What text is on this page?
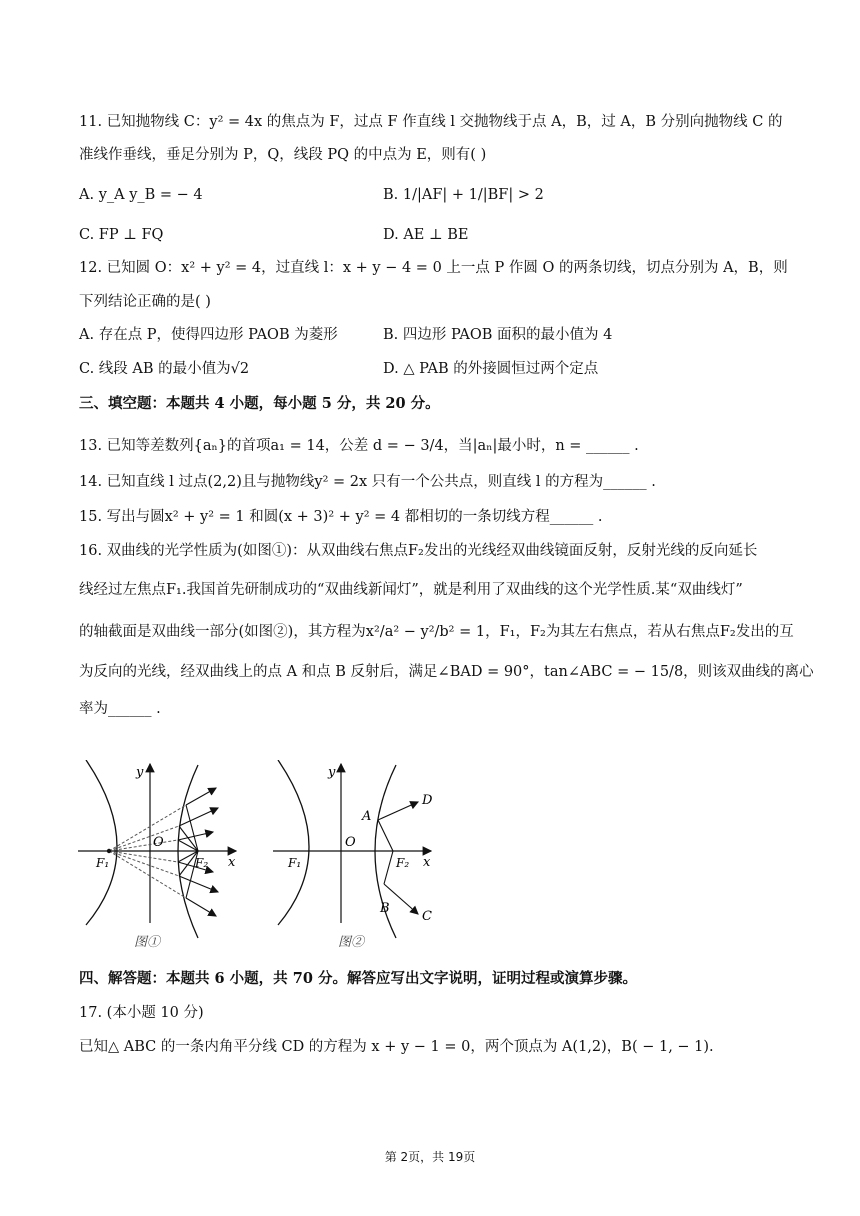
11. 已知抛物线 C：y² = 4x 的焦点为 F，过点 F 作直线 l 交抛物线于点 A，B，过 A，B 分别向抛物线 C 的
准线作垂线，垂足分别为 P，Q，线段 PQ 的中点为 E，则有( )
A. y_A y_B = − 4	B. 1/|AF| + 1/|BF| > 2
C. FP ⊥ FQ	D. AE ⊥ BE
12. 已知圆 O：x² + y² = 4，过直线 l：x + y − 4 = 0 上一点 P 作圆 O 的两条切线，切点分别为 A，B，则
下列结论正确的是( )
A. 存在点 P，使得四边形 PAOB 为菱形	B. 四边形 PAOB 面积的最小值为 4
C. 线段 AB 的最小值为√2	D. △ PAB 的外接圆恒过两个定点
三、填空题：本题共 4 小题，每小题 5 分，共 20 分。
13. 已知等差数列{aₙ}的首项a₁ = 14，公差 d = − 3/4，当|aₙ|最小时，n = ______ .
14. 已知直线 l 过点(2,2)且与抛物线y² = 2x 只有一个公共点，则直线 l 的方程为______ .
15. 写出与圆x² + y² = 1 和圆(x + 3)² + y² = 4 都相切的一条切线方程______ .
16. 双曲线的光学性质为(如图①)：从双曲线右焦点F₂发出的光线经双曲线镜面反射，反射光线的反向延长
线经过左焦点F₁.我国首先研制成功的“双曲线新闻灯”，就是利用了双曲线的这个光学性质.某“双曲线灯”
的轴截面是双曲线一部分(如图②)，其方程为x²/a² − y²/b² = 1，F₁，F₂为其左右焦点，若从右焦点F₂发出的互
为反向的光线，经双曲线上的点 A 和点 B 反射后，满足∠BAD = 90°，tan∠ABC = − 15/8，则该双曲线的离心
率为______ .
y
O
F₁	F₂ x
图①
y
O
F₁	F₂ x
A
B
C
D
图②
四、解答题：本题共 6 小题，共 70 分。解答应写出文字说明，证明过程或演算步骤。
17. (本小题 10 分)
已知△ ABC 的一条内角平分线 CD 的方程为 x + y − 1 = 0，两个顶点为 A(1,2)，B( − 1, − 1).
第 2页，共 19页
